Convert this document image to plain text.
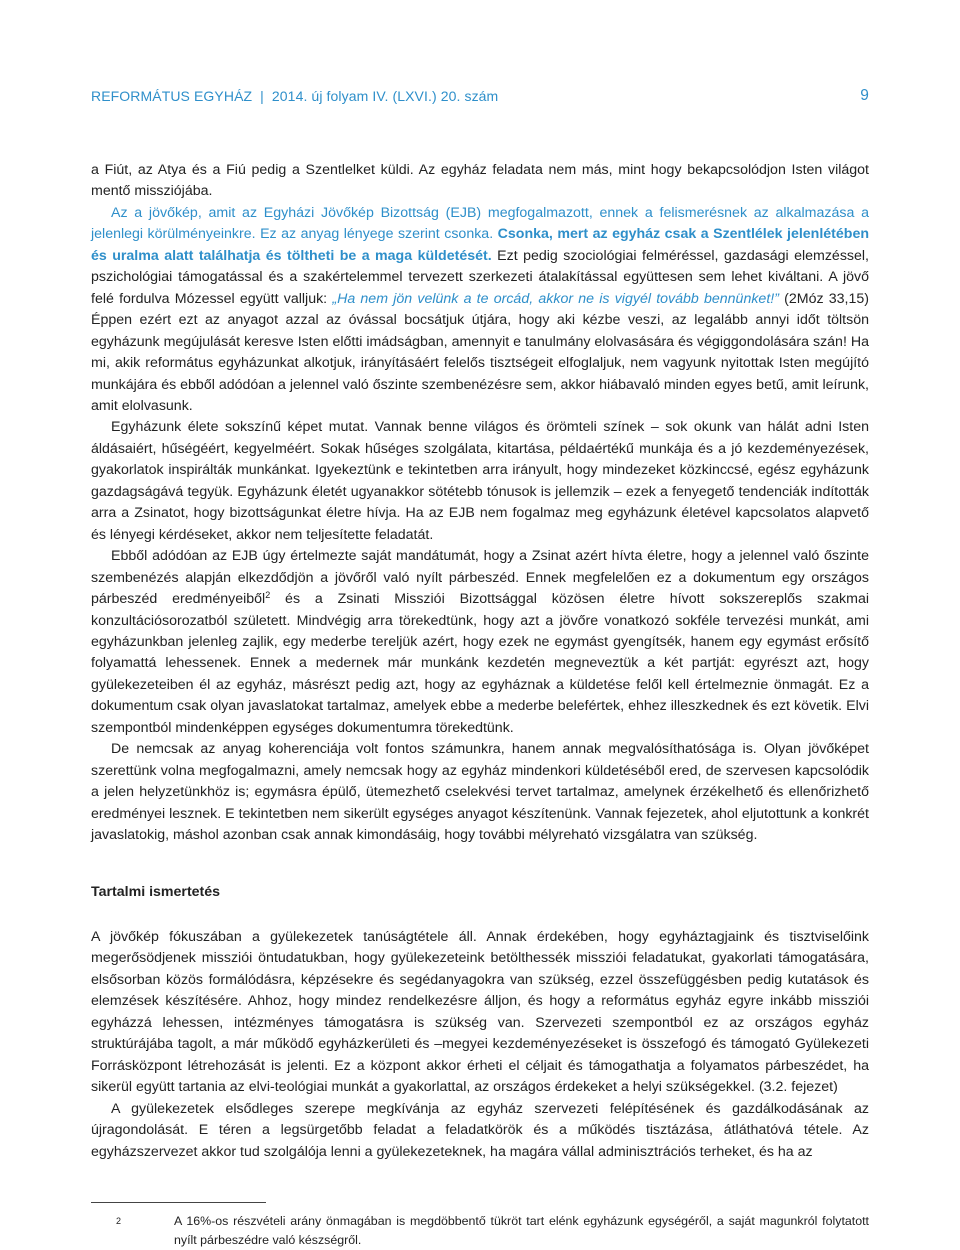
REFORMÁTUS EGYHÁZ | 2014. új folyam IV. (LXVI.) 20. szám	9

a Fiút, az Atya és a Fiú pedig a Szentlelket küldi. Az egyház feladata nem más, mint hogy bekapcsolódjon Isten világot mentő missziójába.

Az a jövőkép, amit az Egyházi Jövőkép Bizottság (EJB) megfogalmazott, ennek a felismerésnek az alkalmazása a jelenlegi körülményeinkre. Ez az anyag lényege szerint csonka. Csonka, mert az egyház csak a Szentlélek jelenlétében és uralma alatt találhatja és töltheti be a maga küldetését. Ezt pedig szociológiai felméréssel, gazdasági elemzéssel, pszichológiai támogatással és a szakértelemmel tervezett szerkezeti átalakítással együttesen sem lehet kiváltani. A jövő felé fordulva Mózessel együtt valljuk: „Ha nem jön velünk a te orcád, akkor ne is vigyél tovább bennünket!” (2Móz 33,15) Éppen ezért ezt az anyagot azzal az óvással bocsátjuk útjára, hogy aki kézbe veszi, az legalább annyi időt töltsön egyházunk megújulását keresve Isten előtti imádságban, amennyit e tanulmány elolvasására és végiggondolására szán! Ha mi, akik református egyházunkat alkotjuk, irányításáért felelős tisztségeit elfoglaljuk, nem vagyunk nyitottak Isten megújító munkájára és ebből adódóan a jelennel való őszinte szembenézésre sem, akkor hiábavaló minden egyes betű, amit leírunk, amit elolvasunk.

Egyházunk élete sokszínű képet mutat. Vannak benne világos és örömteli színek – sok okunk van hálát adni Isten áldásaiért, hűségéért, kegyelméért. Sokak hűséges szolgálata, kitartása, példaértékű munkája és a jó kezdeményezések, gyakorlatok inspirálták munkánkat. Igyekeztünk e tekintetben arra irányult, hogy mindezeket közkinccsé, egész egyházunk gazdagságává tegyük. Egyházunk életét ugyanakkor sötétebb tónusok is jellemzik – ezek a fenyegető tendenciák indították arra a Zsinatot, hogy bizottságunkat életre hívja. Ha az EJB nem fogalmaz meg egyházunk életével kapcsolatos alapvető és lényegi kérdéseket, akkor nem teljesítette feladatát.

Ebből adódóan az EJB úgy értelmezte saját mandátumát, hogy a Zsinat azért hívta életre, hogy a jelennel való őszinte szembenézés alapján elkezdődjön a jövőről való nyílt párbeszéd. Ennek megfelelően ez a dokumentum egy országos párbeszéd eredményeiből$^2$ és a Zsinati Missziói Bizottsággal közösen életre hívott sokszereplős szakmai konzultációsorozatból született. Mindvégig arra törekedtünk, hogy azt a jövőre vonatkozó sokféle tervezési munkát, ami egyházunkban jelenleg zajlik, egy mederbe tereljük azért, hogy ezek ne egymást gyengítsék, hanem egy egymást erősítő folyamattá lehessenek. Ennek a medernek már munkánk kezdetén megneveztük a két partját: egyrészt azt, hogy gyülekezeteiben él az egyház, másrészt pedig azt, hogy az egyháznak a küldetése felől kell értelmeznie önmagát. Ez a dokumentum csak olyan javaslatokat tartalmaz, amelyek ebbe a mederbe belefértek, ehhez illeszkednek és ezt követik. Elvi szempontból mindenképpen egységes dokumentumra törekedtünk.

De nemcsak az anyag koherenciája volt fontos számunkra, hanem annak megvalósíthatósága is. Olyan jövőképet szerettünk volna megfogalmazni, amely nemcsak hogy az egyház mindenkori küldetéséből ered, de szervesen kapcsolódik a jelen helyzetünkhöz is; egymásra épülő, ütemezhető cselekvési tervet tartalmaz, amelynek érzékelhető és ellenőrizhető eredményei lesznek. E tekintetben nem sikerült egységes anyagot készítenünk. Vannak fejezetek, ahol eljutottunk a konkrét javaslatokig, máshol azonban csak annak kimondásáig, hogy további mélyreható vizsgálatra van szükség.

Tartalmi ismertetés

A jövőkép fókuszában a gyülekezetek tanúságtétele áll. Annak érdekében, hogy egyháztagjaink és tisztviselőink megerősödjenek missziói öntudatukban, hogy gyülekezeteink betölthessék missziói feladatukat, gyakorlati támogatására, elsősorban közös formálódásra, képzésekre és segédanyagokra van szükség, ezzel összefüggésben pedig kutatások és elemzések készítésére. Ahhoz, hogy mindez rendelkezésre álljon, és hogy a református egyház egyre inkább missziói egyházzá lehessen, intézményes támogatásra is szükség van. Szervezeti szempontból ez az országos egyház struktúrájába tagolt, a már működő egyházkerületi és –megyei kezdeményezéseket is összefogó és támogató Gyülekezeti Forrásközpont létrehozását is jelenti. Ez a központ akkor érheti el céljait és támogathatja a folyamatos párbeszédet, ha sikerül együtt tartania az elvi-teológiai munkát a gyakorlattal, az országos érdekeket a helyi szükségekkel. (3.2. fejezet)

A gyülekezetek elsődleges szerepe megkívánja az egyház szervezeti felépítésének és gazdálkodásának az újragondolását. E téren a legsürgetőbb feladat a feladatkörök és a működés tisztázása, átláthatóvá tétele. Az egyházszervezet akkor tud szolgálója lenni a gyülekezeteknek, ha magára vállal adminisztrációs terheket, és ha az

2	A 16%-os részvételi arány önmagában is megdöbbentő tükröt tart elénk egyházunk egységéről, a saját magunkról folytatott nyílt párbeszédre való készségről.
